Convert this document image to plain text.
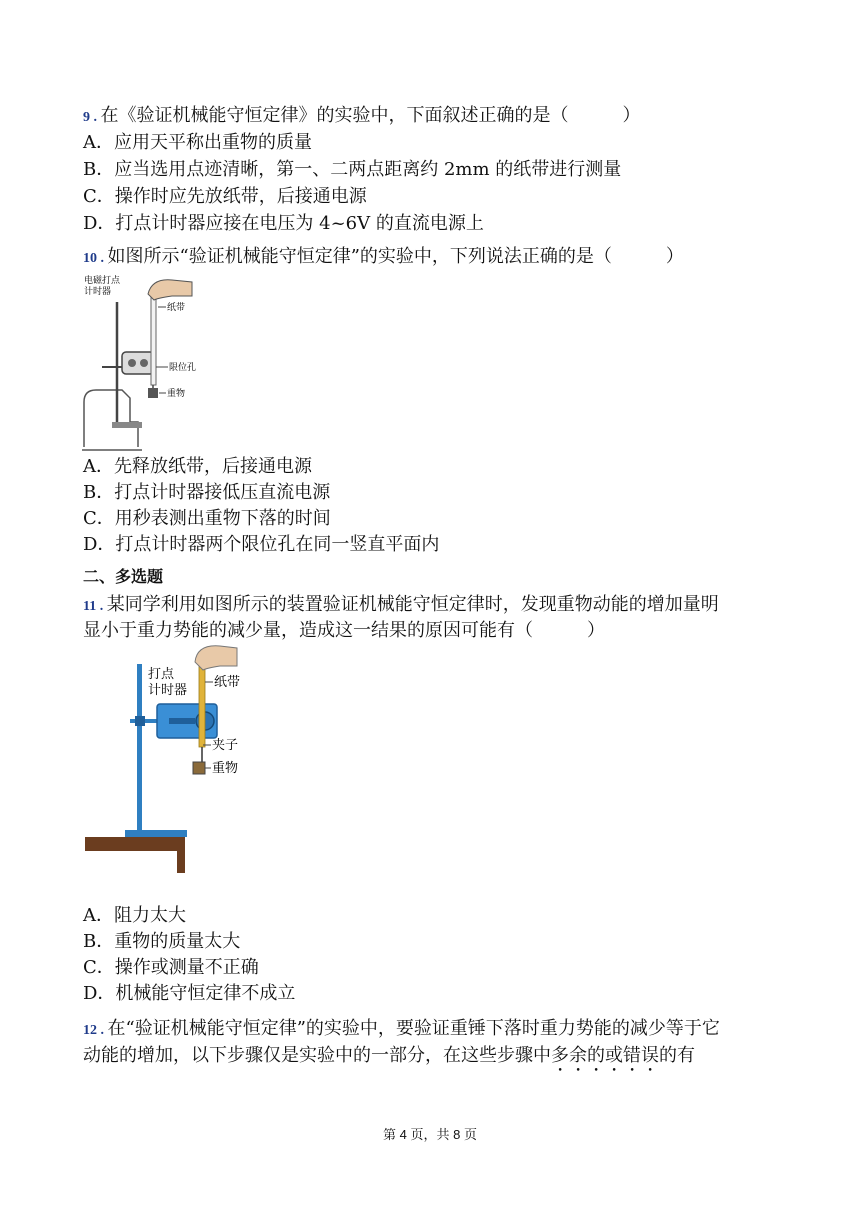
9 . 在《验证机械能守恒定律》的实验中，下面叙述正确的是（　　　）
A．应用天平称出重物的质量
B．应当选用点迹清晰，第一、二两点距离约 2mm 的纸带进行测量
C．操作时应先放纸带，后接通电源
D．打点计时器应接在电压为 4~6V 的直流电源上
10 . 如图所示“验证机械能守恒定律”的实验中，下列说法正确的是（　　　）
电磁打点
计时器
纸带
限位孔
重物
A．先释放纸带，后接通电源
B．打点计时器接低压直流电源
C．用秒表测出重物下落的时间
D．打点计时器两个限位孔在同一竖直平面内
二、多选题
11 . 某同学利用如图所示的装置验证机械能守恒定律时，发现重物动能的增加量明
显小于重力势能的减少量，造成这一结果的原因可能有（　　　）
打点
计时器
纸带
夹子
重物
A．阻力太大
B．重物的质量太大
C．操作或测量不正确
D．机械能守恒定律不成立
12 . 在“验证机械能守恒定律”的实验中，要验证重锤下落时重力势能的减少等于它
动能的增加，以下步骤仅是实验中的一部分，在这些步骤中多余的或错误的有
第 4 页，共 8 页
